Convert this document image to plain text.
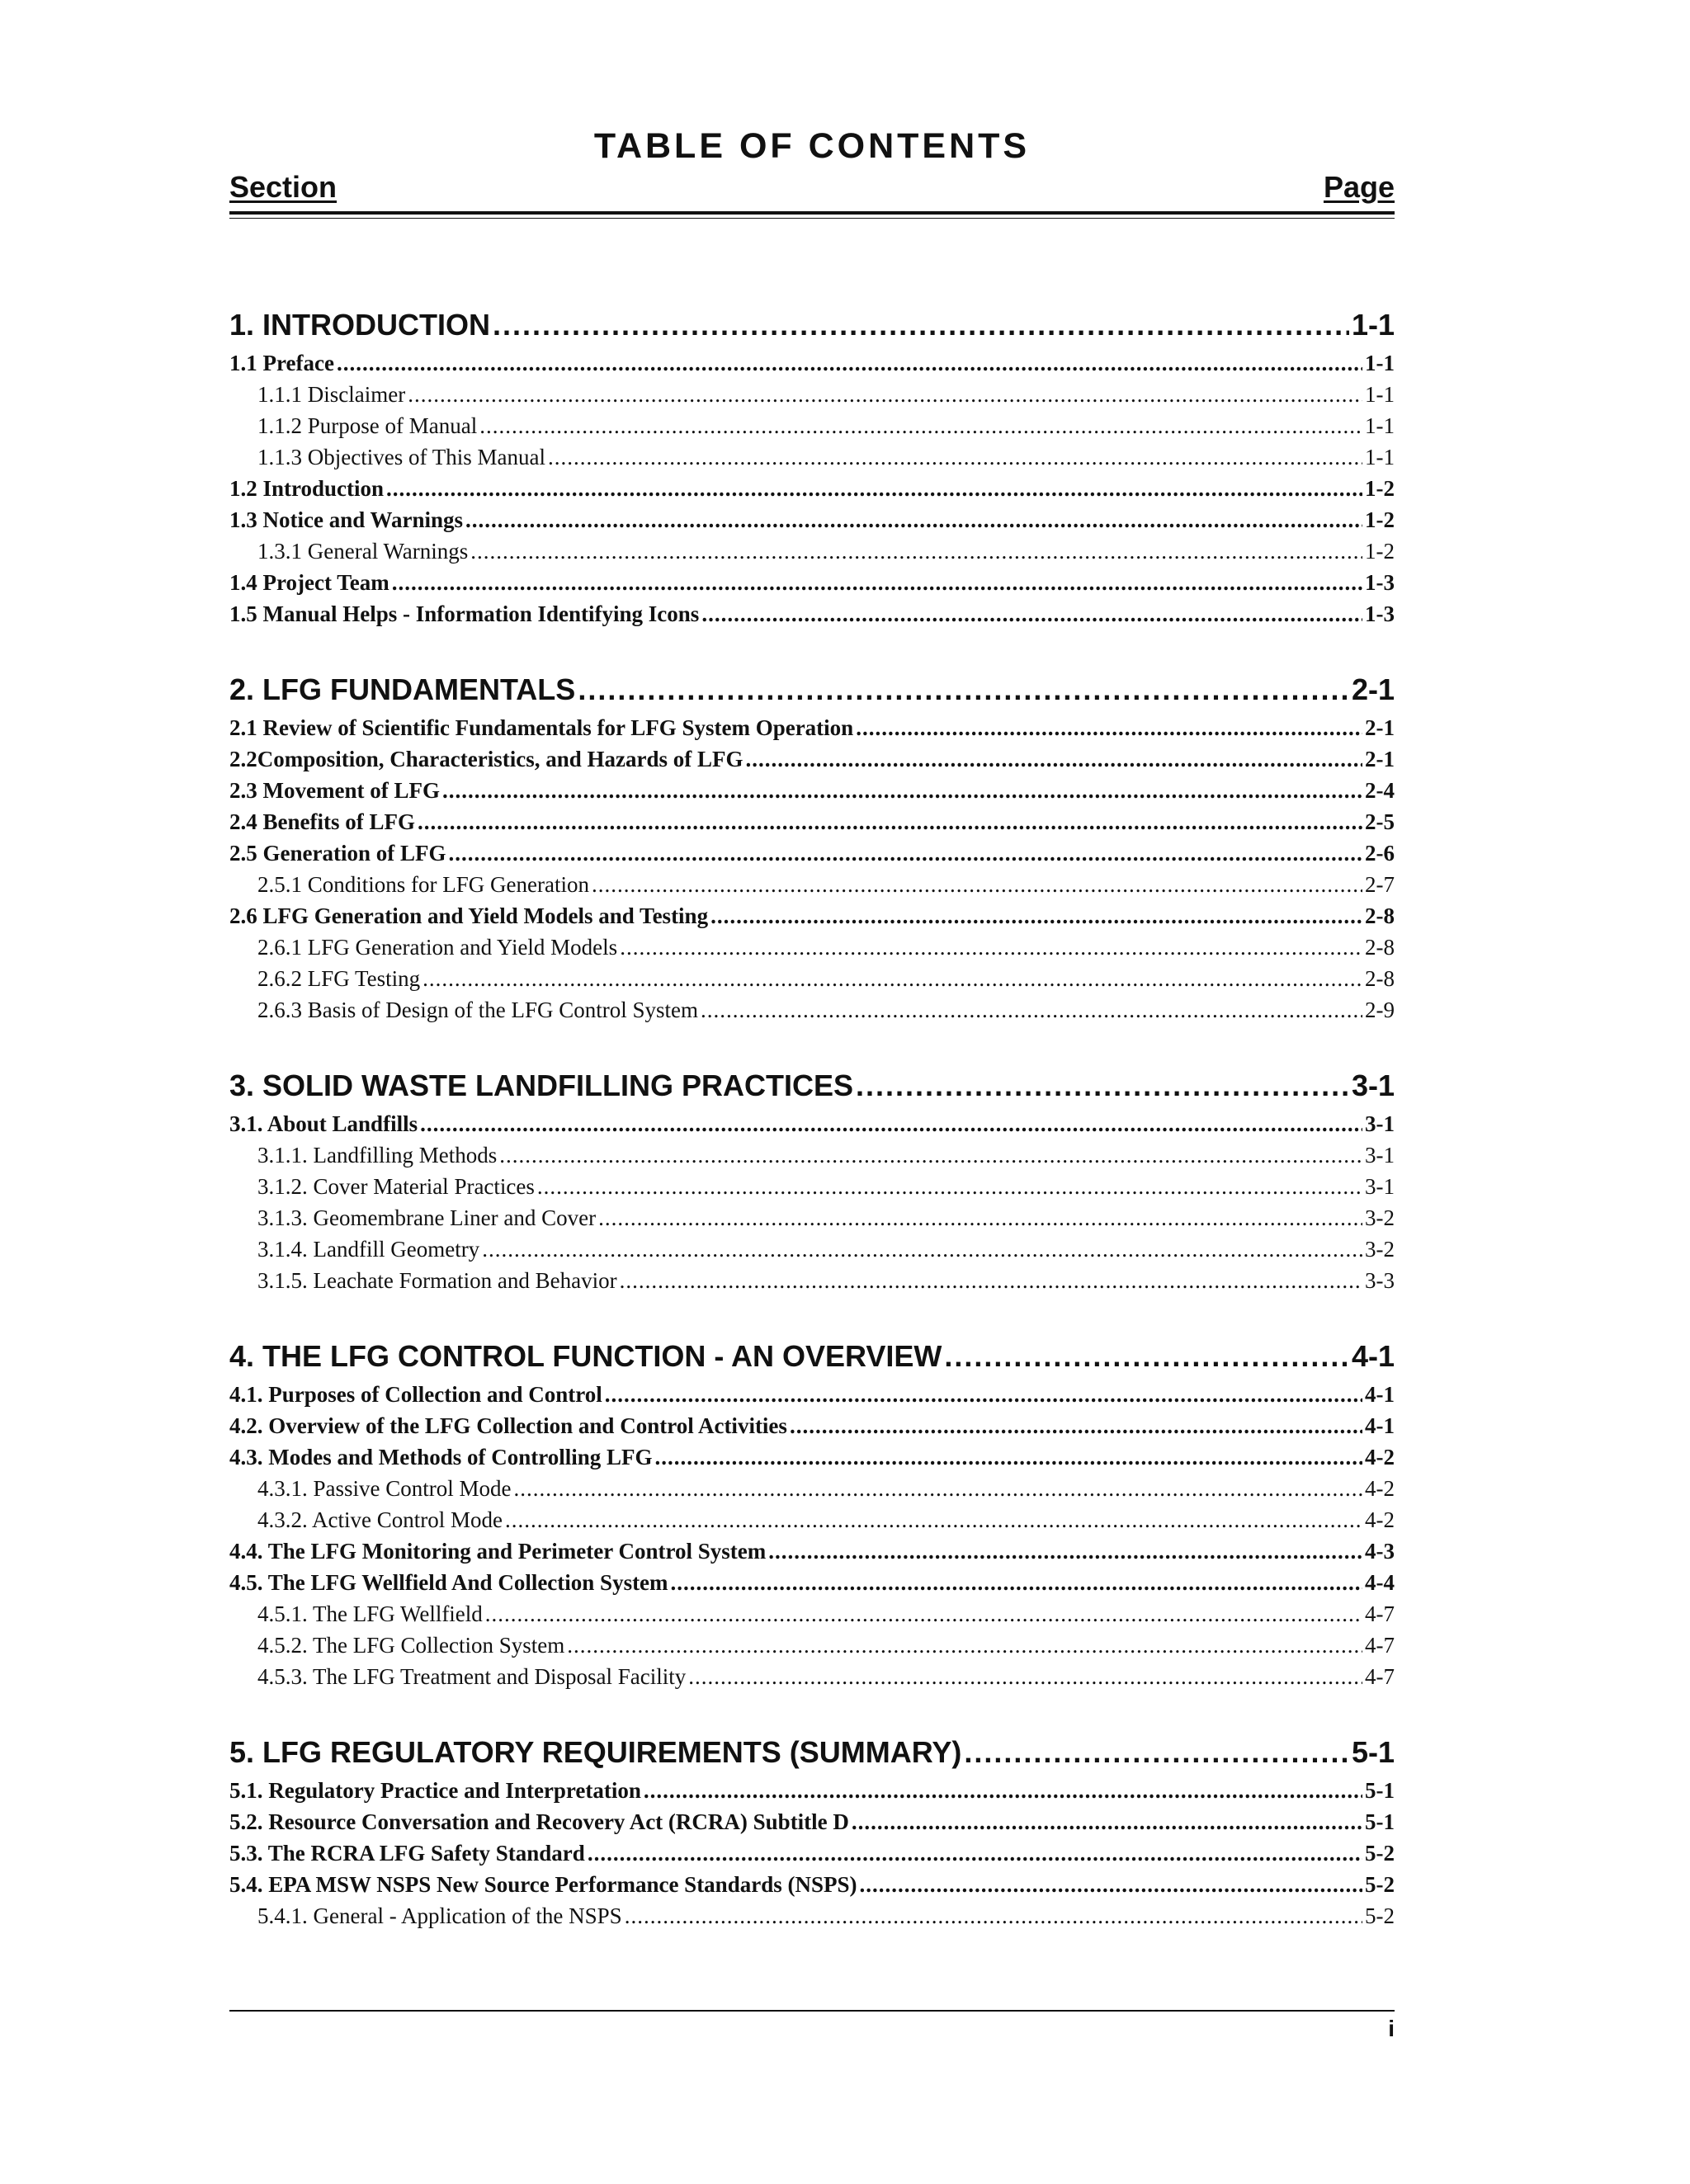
TABLE OF CONTENTS
Section	Page
1. INTRODUCTION .....	1-1
1.1 Preface .....	1-1
1.1.1 Disclaimer .....	1-1
1.1.2 Purpose of Manual .....	1-1
1.1.3 Objectives of This Manual .....	1-1
1.2 Introduction .....	1-2
1.3 Notice and Warnings .....	1-2
1.3.1 General Warnings .....	1-2
1.4 Project Team .....	1-3
1.5 Manual Helps - Information Identifying Icons .....	1-3
2. LFG FUNDAMENTALS .....	2-1
2.1 Review of Scientific Fundamentals for LFG System Operation .....	2-1
2.2Composition, Characteristics, and Hazards of LFG .....	2-1
2.3 Movement of LFG .....	2-4
2.4 Benefits of LFG .....	2-5
2.5 Generation of LFG .....	2-6
2.5.1 Conditions for LFG Generation .....	2-7
2.6 LFG Generation and Yield Models and Testing .....	2-8
2.6.1 LFG Generation and Yield Models .....	2-8
2.6.2 LFG Testing .....	2-8
2.6.3 Basis of Design of the LFG Control System .....	2-9
3. SOLID WASTE LANDFILLING PRACTICES .....	3-1
3.1. About Landfills .....	3-1
3.1.1. Landfilling Methods .....	3-1
3.1.2. Cover Material Practices .....	3-1
3.1.3. Geomembrane Liner and Cover .....	3-2
3.1.4. Landfill Geometry .....	3-2
3.1.5. Leachate Formation and Behavior .....	3-3
4. THE LFG CONTROL FUNCTION - AN OVERVIEW .....	4-1
4.1. Purposes of Collection and Control .....	4-1
4.2. Overview of the LFG Collection and Control Activities .....	4-1
4.3. Modes and Methods of Controlling LFG .....	4-2
4.3.1. Passive Control Mode .....	4-2
4.3.2. Active Control Mode .....	4-2
4.4. The LFG Monitoring and Perimeter Control System .....	4-3
4.5. The LFG Wellfield And Collection System .....	4-4
4.5.1. The LFG Wellfield .....	4-7
4.5.2. The LFG Collection System .....	4-7
4.5.3. The LFG Treatment and Disposal Facility .....	4-7
5. LFG REGULATORY REQUIREMENTS (SUMMARY) .....	5-1
5.1. Regulatory Practice and Interpretation .....	5-1
5.2. Resource Conversation and Recovery Act (RCRA) Subtitle D .....	5-1
5.3. The RCRA LFG Safety Standard .....	5-2
5.4. EPA MSW NSPS New Source Performance Standards (NSPS) .....	5-2
5.4.1. General - Application of the NSPS .....	5-2
i
